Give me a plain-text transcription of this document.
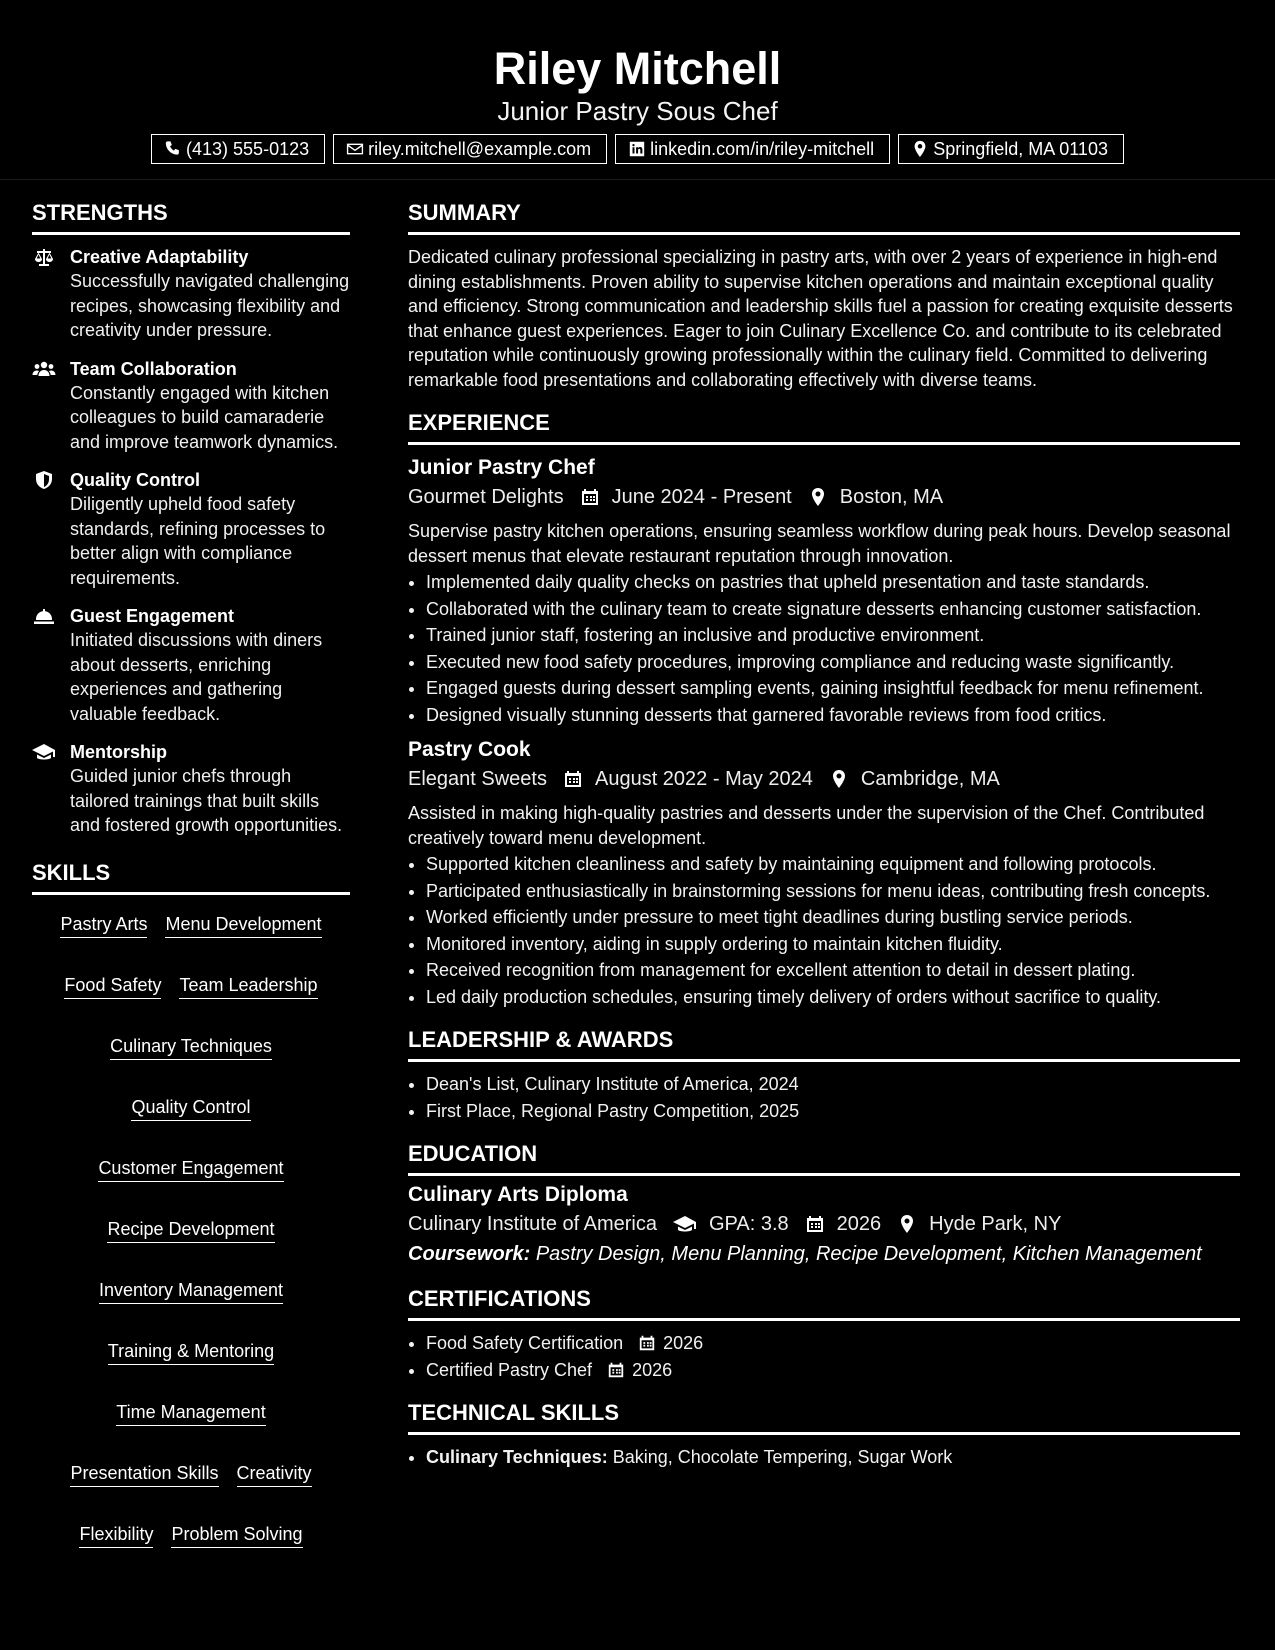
Riley Mitchell
Junior Pastry Sous Chef
(413) 555-0123	riley.mitchell@example.com	linkedin.com/in/riley-mitchell	Springfield, MA 01103
STRENGTHS
Creative Adaptability
Successfully navigated challenging recipes, showcasing flexibility and creativity under pressure.
Team Collaboration
Constantly engaged with kitchen colleagues to build camaraderie and improve teamwork dynamics.
Quality Control
Diligently upheld food safety standards, refining processes to better align with compliance requirements.
Guest Engagement
Initiated discussions with diners about desserts, enriching experiences and gathering valuable feedback.
Mentorship
Guided junior chefs through tailored trainings that built skills and fostered growth opportunities.
SKILLS
Pastry Arts Menu Development
Food Safety Team Leadership
Culinary Techniques
Quality Control
Customer Engagement
Recipe Development
Inventory Management
Training & Mentoring
Time Management
Presentation Skills Creativity
Flexibility Problem Solving
SUMMARY

Dedicated culinary professional specializing in pastry arts, with over 2 years of experience in high-end dining establishments. Proven ability to supervise kitchen operations and maintain exceptional quality and efficiency. Strong communication and leadership skills fuel a passion for creating exquisite desserts that enhance guest experiences. Eager to join Culinary Excellence Co. and contribute to its celebrated reputation while continuously growing professionally within the culinary field. Committed to delivering remarkable food presentations and collaborating effectively with diverse teams.

EXPERIENCE
Junior Pastry Chef
Gourmet Delights June 2024 - Present Boston, MA
Supervise pastry kitchen operations, ensuring seamless workflow during peak hours. Develop seasonal dessert menus that elevate restaurant reputation through innovation.
• Implemented daily quality checks on pastries that upheld presentation and taste standards.
• Collaborated with the culinary team to create signature desserts enhancing customer satisfaction.
• Trained junior staff, fostering an inclusive and productive environment.
• Executed new food safety procedures, improving compliance and reducing waste significantly.
• Engaged guests during dessert sampling events, gaining insightful feedback for menu refinement.
• Designed visually stunning desserts that garnered favorable reviews from food critics.
Pastry Cook
Elegant Sweets August 2022 - May 2024 Cambridge, MA
Assisted in making high-quality pastries and desserts under the supervision of the Chef. Contributed creatively toward menu development.
• Supported kitchen cleanliness and safety by maintaining equipment and following protocols.
• Participated enthusiastically in brainstorming sessions for menu ideas, contributing fresh concepts.
• Worked efficiently under pressure to meet tight deadlines during bustling service periods.
• Monitored inventory, aiding in supply ordering to maintain kitchen fluidity.
• Received recognition from management for excellent attention to detail in dessert plating.
• Led daily production schedules, ensuring timely delivery of orders without sacrifice to quality.
LEADERSHIP & AWARDS
• Dean's List, Culinary Institute of America, 2024
• First Place, Regional Pastry Competition, 2025
EDUCATION
Culinary Arts Diploma
Culinary Institute of America	GPA: 3.8 2026 Hyde Park, NY
Coursework: Pastry Design, Menu Planning, Recipe Development, Kitchen Management
CERTIFICATIONS
• Food Safety Certification 2026
• Certified Pastry Chef 2026
TECHNICAL SKILLS
• Culinary Techniques: Baking, Chocolate Tempering, Sugar Work
